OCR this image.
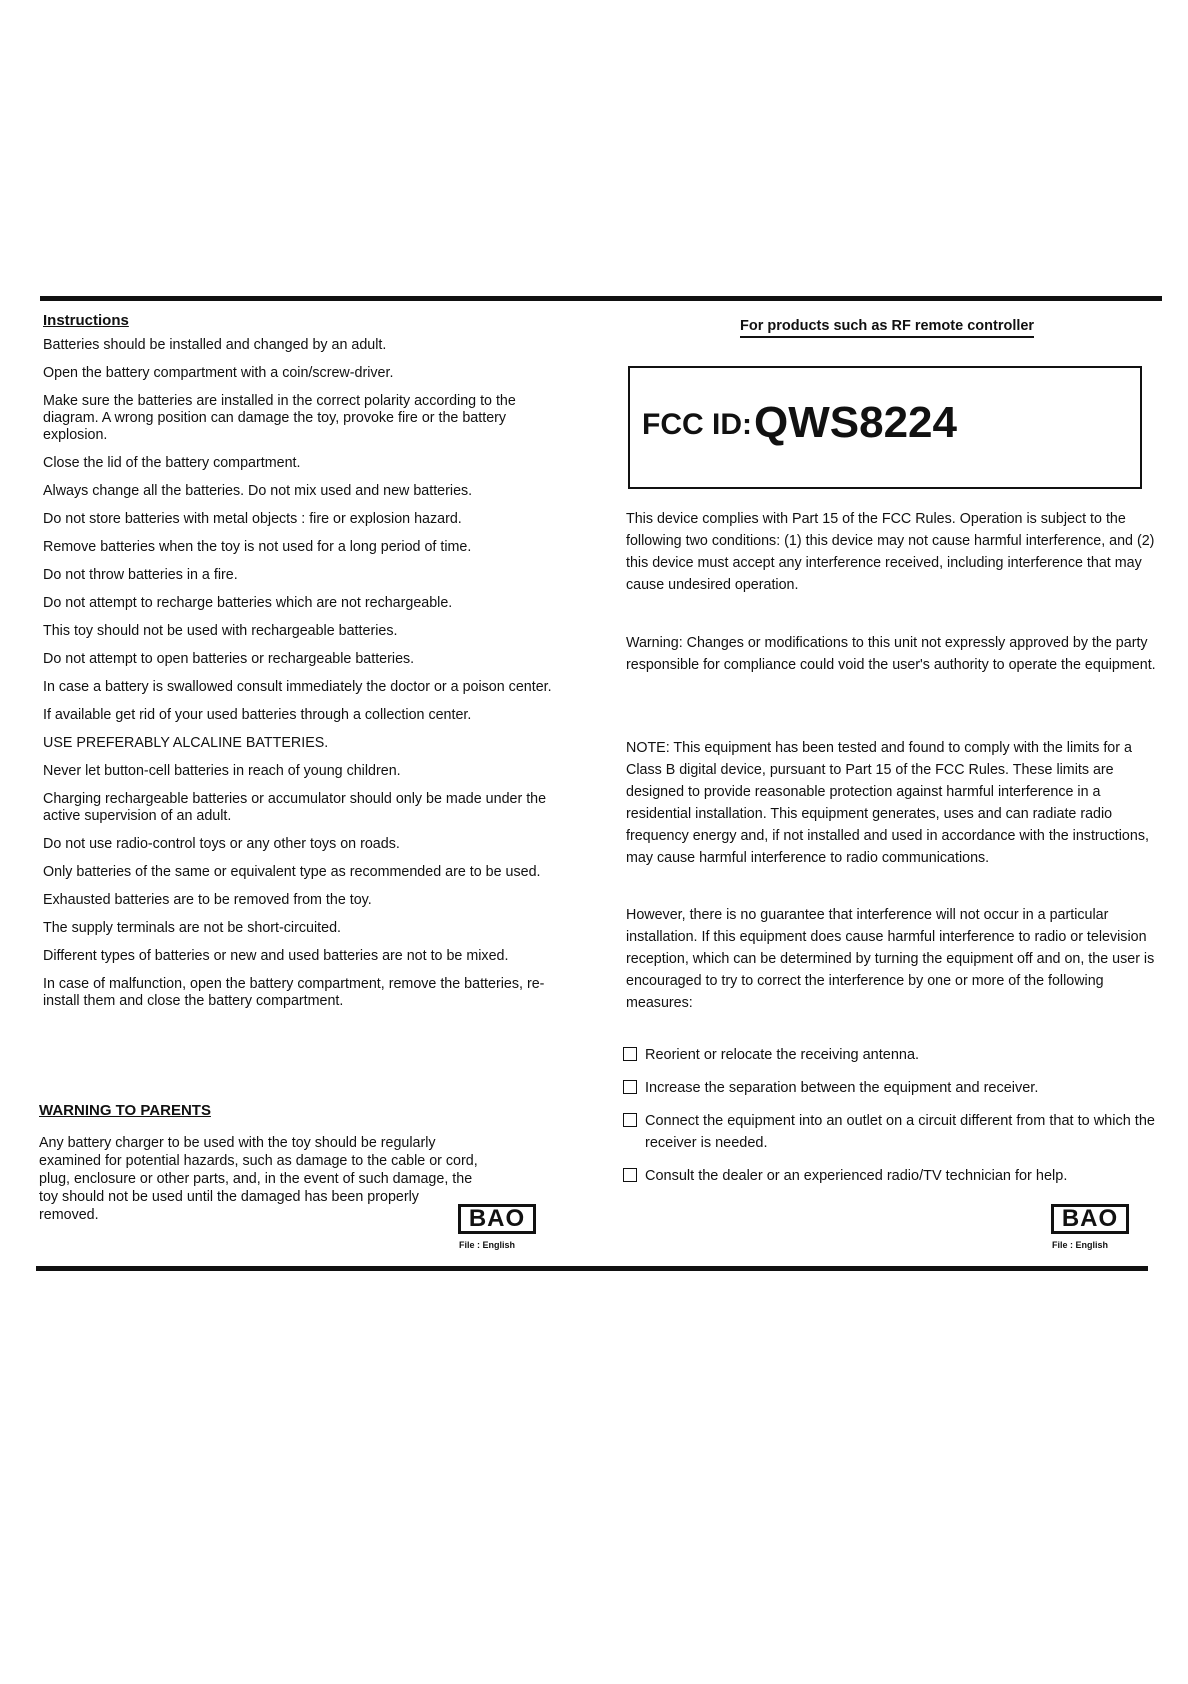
Instructions

Batteries should be installed and changed by an adult.

Open the battery compartment with a coin/screw-driver.

Make sure the batteries are installed in the correct polarity according to the diagram. A wrong position can damage the toy, provoke fire or the battery explosion.

Close the lid of the battery compartment.

Always change all the batteries. Do not mix used and new batteries.

Do not store batteries with metal objects : fire or explosion hazard.

Remove batteries when the toy is not used for a long period of time.

Do not throw batteries in a fire.

Do not attempt to recharge batteries which are not rechargeable.

This toy should not be used with rechargeable batteries.

Do not attempt to open batteries or rechargeable batteries.

In case a battery is swallowed consult immediately the doctor or a poison center.

If available get rid of your used batteries through a collection center.

USE PREFERABLY ALCALINE BATTERIES.

Never let button-cell batteries in reach of young children.

Charging rechargeable batteries or accumulator should only be made under the active supervision of an adult.

Do not use radio-control toys or any other toys on roads.

Only batteries of the same or equivalent type as recommended are to be used.

Exhausted batteries are to be removed from the toy.

The supply terminals are not be short-circuited.

Different types of batteries or new and used batteries are not to be mixed.

In case of malfunction, open the battery compartment, remove the batteries, re-install them and close the battery compartment.

WARNING TO PARENTS

Any battery charger to be used with the toy should be regularly examined for potential hazards, such as damage to the cable or cord, plug, enclosure or other parts, and, in the event of such damage, the toy should not be used until the damaged has been properly removed.	BAO
File : English
For products such as RF remote controller
FCC ID: QWS8224

This device complies with Part 15 of the FCC Rules. Operation is subject to the following two conditions: (1) this device may not cause harmful interference, and (2) this device must accept any interference received, including interference that may cause undesired operation.

Warning: Changes or modifications to this unit not expressly approved by the party responsible for compliance could void the user's authority to operate the equipment.

NOTE: This equipment has been tested and found to comply with the limits for a Class B digital device, pursuant to Part 15 of the FCC Rules. These limits are designed to provide reasonable protection against harmful interference in a residential installation. This equipment generates, uses and can radiate radio frequency energy and, if not installed and used in accordance with the instructions, may cause harmful interference to radio communications.

However, there is no guarantee that interference will not occur in a particular installation. If this equipment does cause harmful interference to radio or television reception, which can be determined by turning the equipment off and on, the user is encouraged to try to correct the interference by one or more of the following measures:

Reorient or relocate the receiving antenna.
Increase the separation between the equipment and receiver.
Connect the equipment into an outlet on a circuit different from that to which the receiver is needed.
Consult the dealer or an experienced radio/TV technician for help.
BAO
File : English
